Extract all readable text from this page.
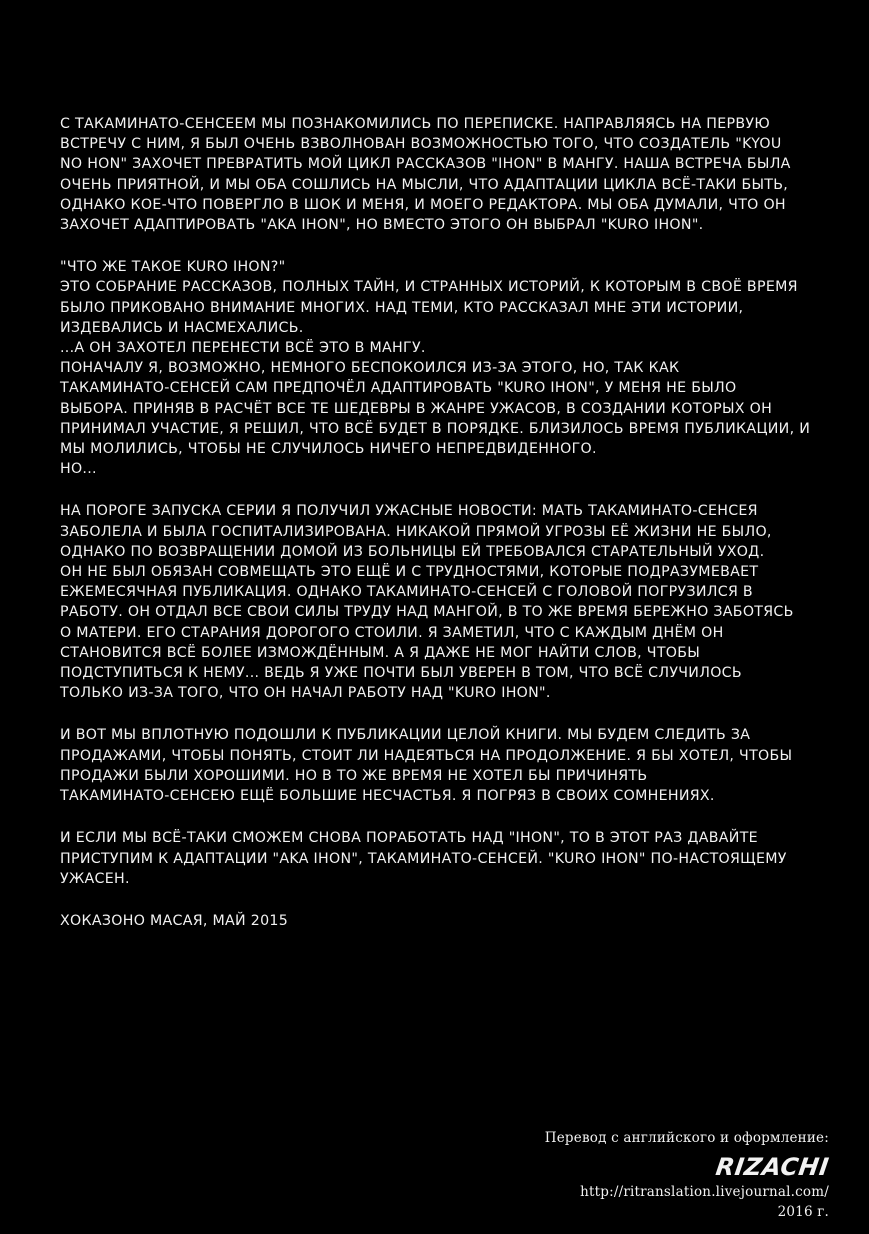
С ТАКАМИНАТО-СЕНСЕЕМ МЫ ПОЗНАКОМИЛИСЬ ПО ПЕРЕПИСКЕ. НАПРАВЛЯЯСЬ НА ПЕРВУЮ

ВСТРЕЧУ С НИМ, Я БЫЛ ОЧЕНЬ ВЗВОЛНОВАН ВОЗМОЖНОСТЬЮ ТОГО, ЧТО СОЗДАТЕЛЬ "KYOU

NO HON" ЗАХОЧЕТ ПРЕВРАТИТЬ МОЙ ЦИКЛ РАССКАЗОВ "IHON" В МАНГУ. НАША ВСТРЕЧА БЫЛА

ОЧЕНЬ ПРИЯТНОЙ, И МЫ ОБА СОШЛИСЬ НА МЫСЛИ, ЧТО АДАПТАЦИИ ЦИКЛА ВСЁ-ТАКИ БЫТЬ,

ОДНАКО КОЕ-ЧТО ПОВЕРГЛО В ШОК И МЕНЯ, И МОЕГО РЕДАКТОРА. МЫ ОБА ДУМАЛИ, ЧТО ОН

ЗАХОЧЕТ АДАПТИРОВАТЬ "AKA IHON", НО ВМЕСТО ЭТОГО ОН ВЫБРАЛ "KURO IHON".

"ЧТО ЖЕ ТАКОЕ KURO IHON?"

ЭТО СОБРАНИЕ РАССКАЗОВ, ПОЛНЫХ ТАЙН, И СТРАННЫХ ИСТОРИЙ, К КОТОРЫМ В СВОЁ ВРЕМЯ

БЫЛО ПРИКОВАНО ВНИМАНИЕ МНОГИХ. НАД ТЕМИ, КТО РАССКАЗАЛ МНЕ ЭТИ ИСТОРИИ,

ИЗДЕВАЛИСЬ И НАСМЕХАЛИСЬ.

...А ОН ЗАХОТЕЛ ПЕРЕНЕСТИ ВСЁ ЭТО В МАНГУ.

ПОНАЧАЛУ Я, ВОЗМОЖНО, НЕМНОГО БЕСПОКОИЛСЯ ИЗ-ЗА ЭТОГО, НО, ТАК КАК

ТАКАМИНАТО-СЕНСЕЙ САМ ПРЕДПОЧЁЛ АДАПТИРОВАТЬ "KURO IHON", У МЕНЯ НЕ БЫЛО

ВЫБОРА. ПРИНЯВ В РАСЧЁТ ВСЕ ТЕ ШЕДЕВРЫ В ЖАНРЕ УЖАСОВ, В СОЗДАНИИ КОТОРЫХ ОН

ПРИНИМАЛ УЧАСТИЕ, Я РЕШИЛ, ЧТО ВСЁ БУДЕТ В ПОРЯДКЕ. БЛИЗИЛОСЬ ВРЕМЯ ПУБЛИКАЦИИ, И

МЫ МОЛИЛИСЬ, ЧТОБЫ НЕ СЛУЧИЛОСЬ НИЧЕГО НЕПРЕДВИДЕННОГО.

НО...

НА ПОРОГЕ ЗАПУСКА СЕРИИ Я ПОЛУЧИЛ УЖАСНЫЕ НОВОСТИ: МАТЬ ТАКАМИНАТО-СЕНСЕЯ

ЗАБОЛЕЛА И БЫЛА ГОСПИТАЛИЗИРОВАНА. НИКАКОЙ ПРЯМОЙ УГРОЗЫ ЕЁ ЖИЗНИ НЕ БЫЛО,

ОДНАКО ПО ВОЗВРАЩЕНИИ ДОМОЙ ИЗ БОЛЬНИЦЫ ЕЙ ТРЕБОВАЛСЯ СТАРАТЕЛЬНЫЙ УХОД.

ОН НЕ БЫЛ ОБЯЗАН СОВМЕЩАТЬ ЭТО ЕЩЁ И С ТРУДНОСТЯМИ, КОТОРЫЕ ПОДРАЗУМЕВАЕТ

ЕЖЕМЕСЯЧНАЯ ПУБЛИКАЦИЯ. ОДНАКО ТАКАМИНАТО-СЕНСЕЙ С ГОЛОВОЙ ПОГРУЗИЛСЯ В

РАБОТУ. ОН ОТДАЛ ВСЕ СВОИ СИЛЫ ТРУДУ НАД МАНГОЙ, В ТО ЖЕ ВРЕМЯ БЕРЕЖНО ЗАБОТЯСЬ

О МАТЕРИ. ЕГО СТАРАНИЯ ДОРОГОГО СТОИЛИ. Я ЗАМЕТИЛ, ЧТО С КАЖДЫМ ДНЁМ ОН

СТАНОВИТСЯ ВСЁ БОЛЕЕ ИЗМОЖДЁННЫМ. А Я ДАЖЕ НЕ МОГ НАЙТИ СЛОВ, ЧТОБЫ

ПОДСТУПИТЬСЯ К НЕМУ... ВЕДЬ Я УЖЕ ПОЧТИ БЫЛ УВЕРЕН В ТОМ, ЧТО ВСЁ СЛУЧИЛОСЬ

ТОЛЬКО ИЗ-ЗА ТОГО, ЧТО ОН НАЧАЛ РАБОТУ НАД "KURO IHON".

И ВОТ МЫ ВПЛОТНУЮ ПОДОШЛИ К ПУБЛИКАЦИИ ЦЕЛОЙ КНИГИ. МЫ БУДЕМ СЛЕДИТЬ ЗА

ПРОДАЖАМИ, ЧТОБЫ ПОНЯТЬ, СТОИТ ЛИ НАДЕЯТЬСЯ НА ПРОДОЛЖЕНИЕ. Я БЫ ХОТЕЛ, ЧТОБЫ

ПРОДАЖИ БЫЛИ ХОРОШИМИ. НО В ТО ЖЕ ВРЕМЯ НЕ ХОТЕЛ БЫ ПРИЧИНЯТЬ

ТАКАМИНАТО-СЕНСЕЮ ЕЩЁ БОЛЬШИЕ НЕСЧАСТЬЯ. Я ПОГРЯЗ В СВОИХ СОМНЕНИЯХ.

И ЕСЛИ МЫ ВСЁ-ТАКИ СМОЖЕМ СНОВА ПОРАБОТАТЬ НАД "IHON", ТО В ЭТОТ РАЗ ДАВАЙТЕ

ПРИСТУПИМ К АДАПТАЦИИ "AKA IHON", ТАКАМИНАТО-СЕНСЕЙ. "KURO IHON" ПО-НАСТОЯЩЕМУ

УЖАСЕН.

ХОКАЗОНО МАСАЯ, МАЙ 2015

Перевод с английского и оформление:
RIZACHI
http://ritranslation.livejournal.com/
2016 г.
